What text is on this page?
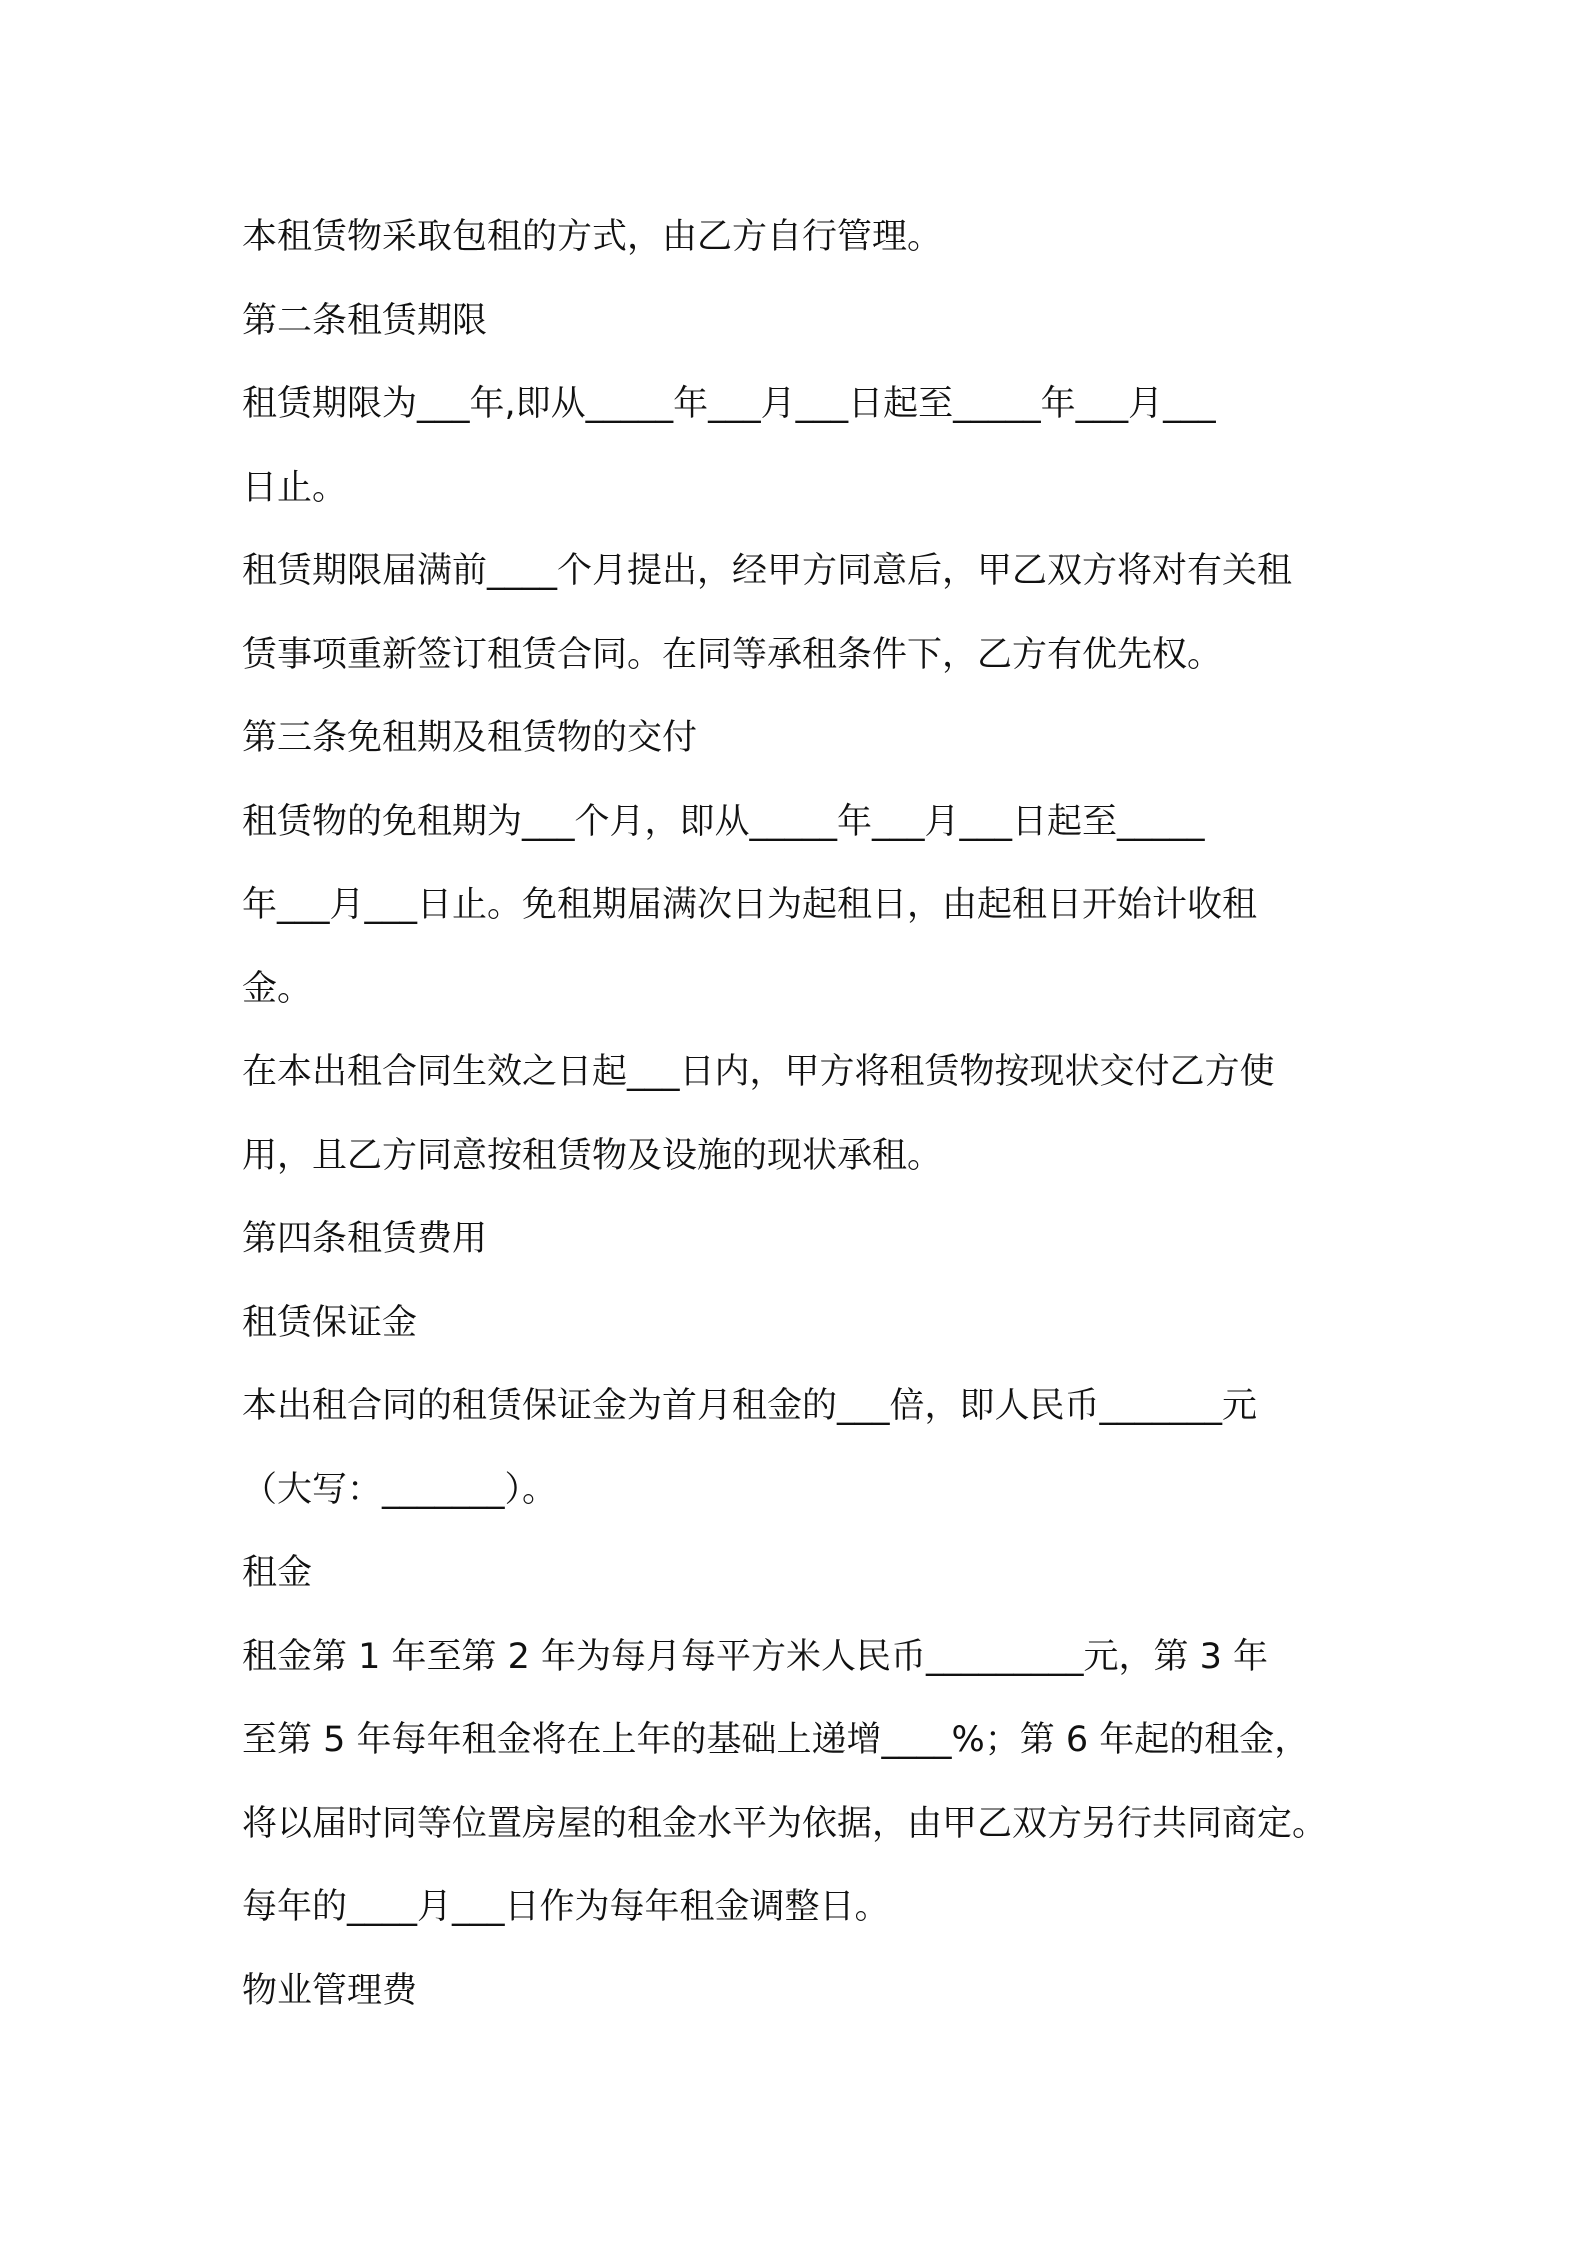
本租赁物采取包租的方式，由乙方自行管理。
第二条租赁期限
租赁期限为___年,即从_____年___月___日起至_____年___月___
日止。
租赁期限届满前____个月提出，经甲方同意后，甲乙双方将对有关租
赁事项重新签订租赁合同。在同等承租条件下，乙方有优先权。
第三条免租期及租赁物的交付
租赁物的免租期为___个月，即从_____年___月___日起至_____
年___月___日止。免租期届满次日为起租日，由起租日开始计收租
金。
在本出租合同生效之日起___日内，甲方将租赁物按现状交付乙方使
用，且乙方同意按租赁物及设施的现状承租。
第四条租赁费用
租赁保证金
本出租合同的租赁保证金为首月租金的___倍，即人民币_______元
（大写：_______）。
租金
租金第 1 年至第 2 年为每月每平方米人民币_________元，第 3 年
至第 5 年每年租金将在上年的基础上递增____%；第 6 年起的租金，
将以届时同等位置房屋的租金水平为依据，由甲乙双方另行共同商定。
每年的____月___日作为每年租金调整日。
物业管理费
